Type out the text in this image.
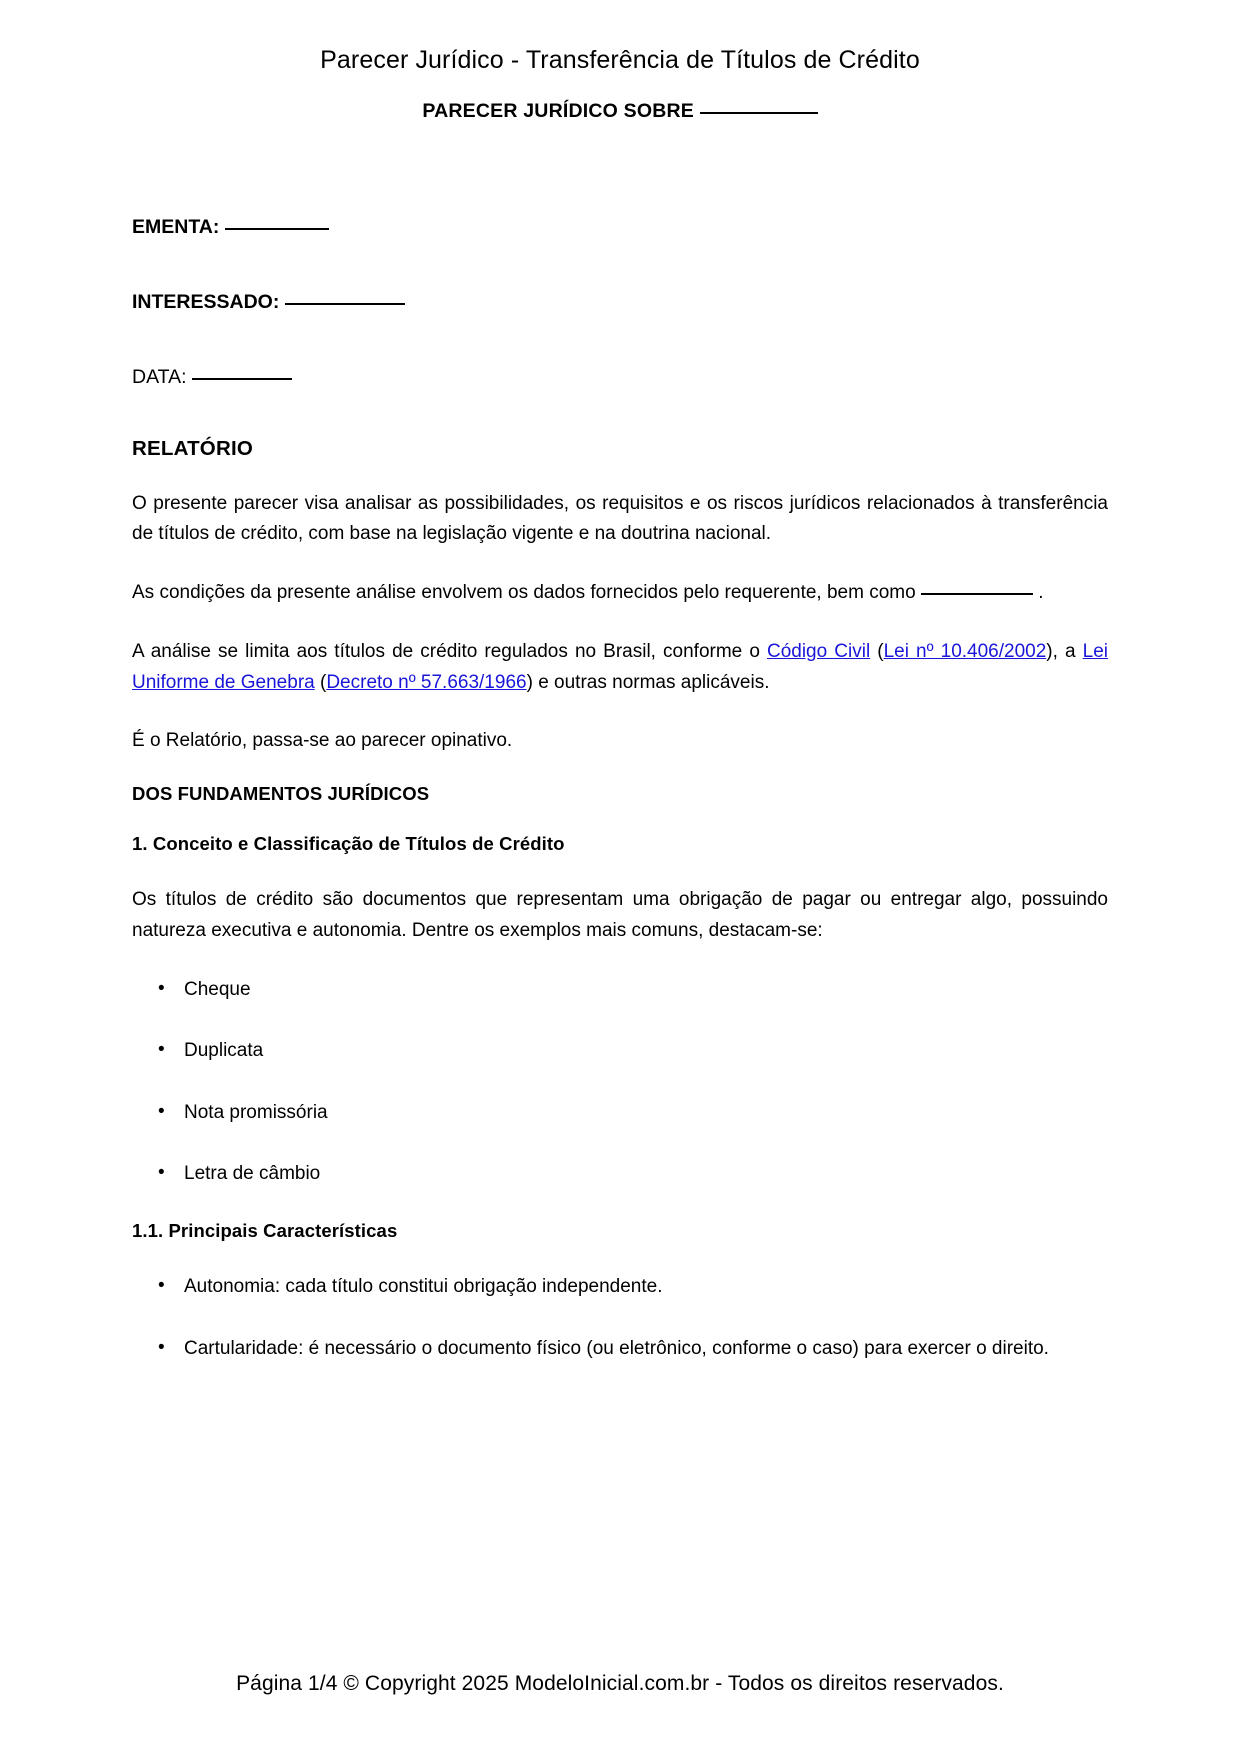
Parecer Jurídico - Transferência de Títulos de Crédito
PARECER JURÍDICO SOBRE
EMENTA:
INTERESSADO:
DATA:
RELATÓRIO

O presente parecer visa analisar as possibilidades, os requisitos e os riscos jurídicos relacionados à transferência de títulos de crédito, com base na legislação vigente e na doutrina nacional.

As condições da presente análise envolvem os dados fornecidos pelo requerente, bem como	.

A análise se limita aos títulos de crédito regulados no Brasil, conforme o Código Civil (Lei nº 10.406/2002), a Lei Uniforme de Genebra (Decreto nº 57.663/1966) e outras normas aplicáveis.

É o Relatório, passa-se ao parecer opinativo.

DOS FUNDAMENTOS JURÍDICOS
1. Conceito e Classificação de Títulos de Crédito

Os títulos de crédito são documentos que representam uma obrigação de pagar ou entregar algo, possuindo natureza executiva e autonomia. Dentre os exemplos mais comuns, destacam-se:

• Cheque
• Duplicata
• Nota promissória
• Letra de câmbio
1.1. Principais Características
• Autonomia: cada título constitui obrigação independente.
• Cartularidade: é necessário o documento físico (ou eletrônico, conforme o caso) para exercer o direito.
Página 1/4 © Copyright 2025 ModeloInicial.com.br - Todos os direitos reservados.
